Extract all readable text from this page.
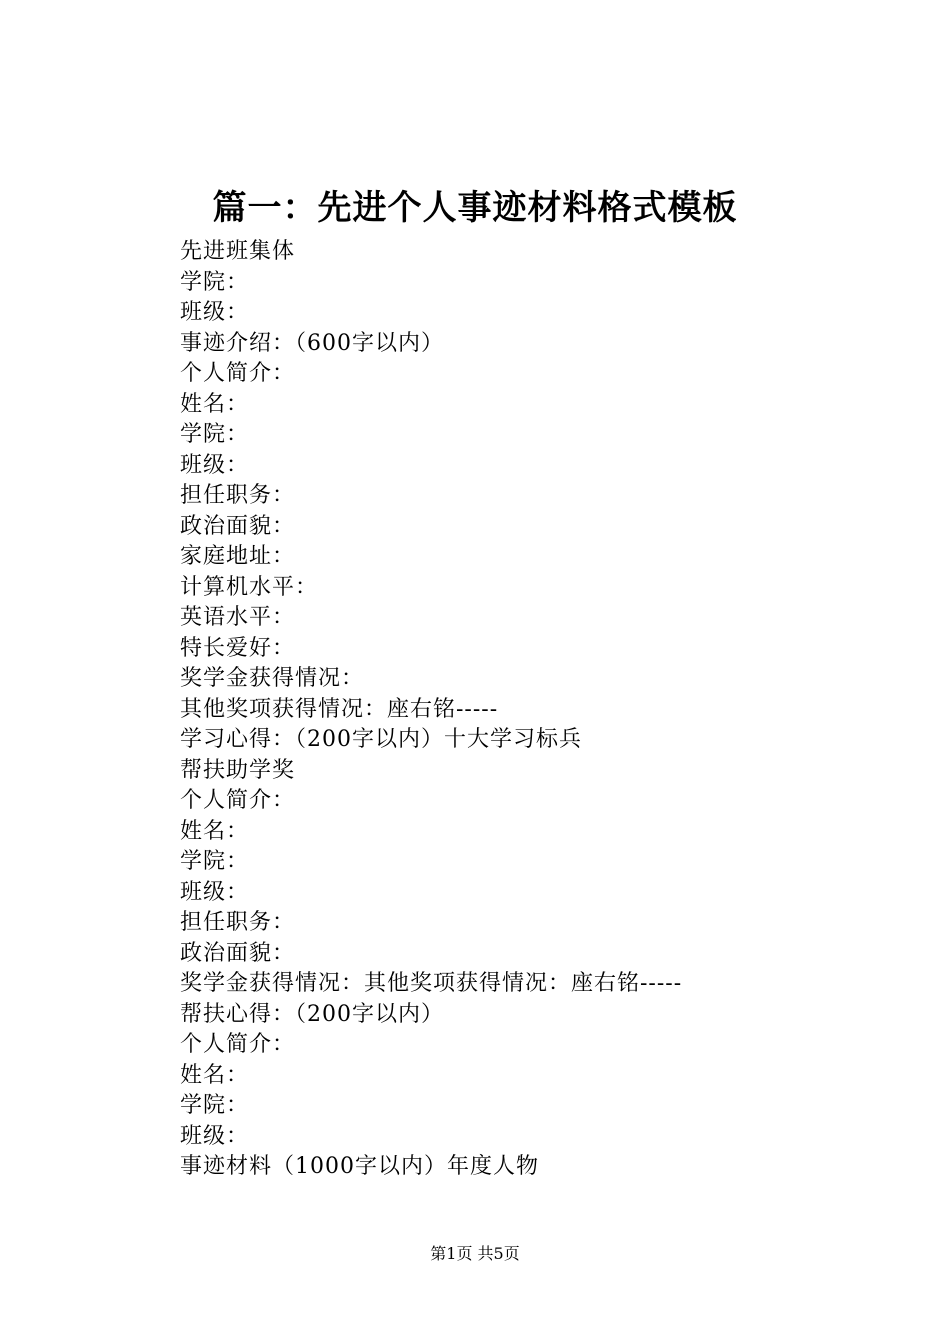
篇一：先进个人事迹材料格式模板
先进班集体
学院：
班级：
事迹介绍：（600字以内）
个人简介：
姓名：
学院：
班级：
担任职务：
政治面貌：
家庭地址：
计算机水平：
英语水平：
特长爱好：
奖学金获得情况：
其他奖项获得情况：座右铭-----
学习心得：（200字以内）十大学习标兵
帮扶助学奖
个人简介：
姓名：
学院：
班级：
担任职务：
政治面貌：
奖学金获得情况：其他奖项获得情况：座右铭-----
帮扶心得：（200字以内）
个人简介：
姓名：
学院：
班级：
事迹材料（1000字以内）年度人物
第1页 共5页
